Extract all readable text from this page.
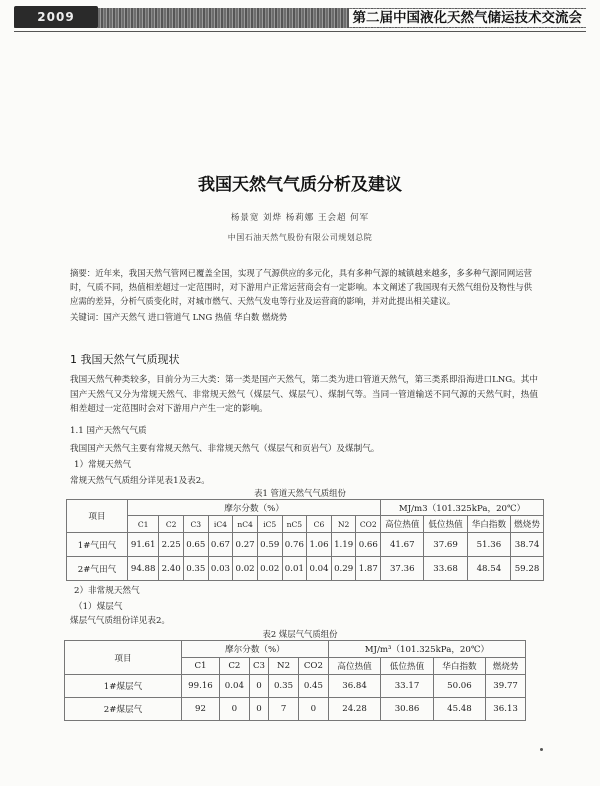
2009	第二届中国液化天然气储运技术交流会
我国天然气气质分析及建议
杨景宽 刘烨 杨莉娜 王会超 何军
中国石油天然气股份有限公司规划总院
摘要：近年来，我国天然气管网已覆盖全国，实现了气源供应的多元化，具有多种气源的城镇越来越多，多多种气源同网运营时，气质不同，热值相差超过一定范围时，对下游用户正常运营商会有一定影响。本文阐述了我国现有天然气组份及物性与供应需的差异，分析气质变化时，对城市燃气、天然气发电等行业及运营商的影响，并对此提出相关建议。
关键词：国产天然气 进口管道气 LNG 热值 华白数 燃烧势
1 我国天然气气质现状
我国天然气种类较多，目前分为三大类：第一类是国产天然气，第二类为进口管道天然气，第三类系即沿海进口LNG。其中国产天然气又分为常规天然气、非常规天然气（煤层气、煤层气）、煤制气等。当同一管道输送不同气源的天然气时，热值相差超过一定范围时会对下游用户产生一定的影响。
1.1 国产天然气气质
我国国产天然气主要有常规天然气、非常规天然气（煤层气和页岩气）及煤制气。
1）常规天然气
常规天然气气质组分详见表1及表2。
表1 管道天然气气质组份
项目	摩尔分数（%）										MJ/m3（101.325kPa，20℃）			
	C1	C2	C3	iC4	nC4	iC5	nC5	C6	N2	CO2	高位热值	低位热值	华白指数	燃烧势
1#气田气	91.61	2.25	0.65	0.67	0.27	0.59	0.76	1.06	1.19	0.66	41.67	37.69	51.36	38.74
2#气田气	94.88	2.40	0.35	0.03	0.02	0.02	0.01	0.04	0.29	1.87	37.36	33.68	48.54	59.28
2）非常规天然气
（1）煤层气
煤层气气质组份详见表2。
表2 煤层气气质组份
项目	摩尔分数（%）					MJ/m³（101.325kPa，20℃）			
	C1	C2	C3	N2	CO2	高位热值	低位热值	华白指数	燃烧势
1#煤层气	99.16	0.04	0	0.35	0.45	36.84	33.17	50.06	39.77
2#煤层气	92	0	0	7	0	24.28	30.86	45.48	36.13
